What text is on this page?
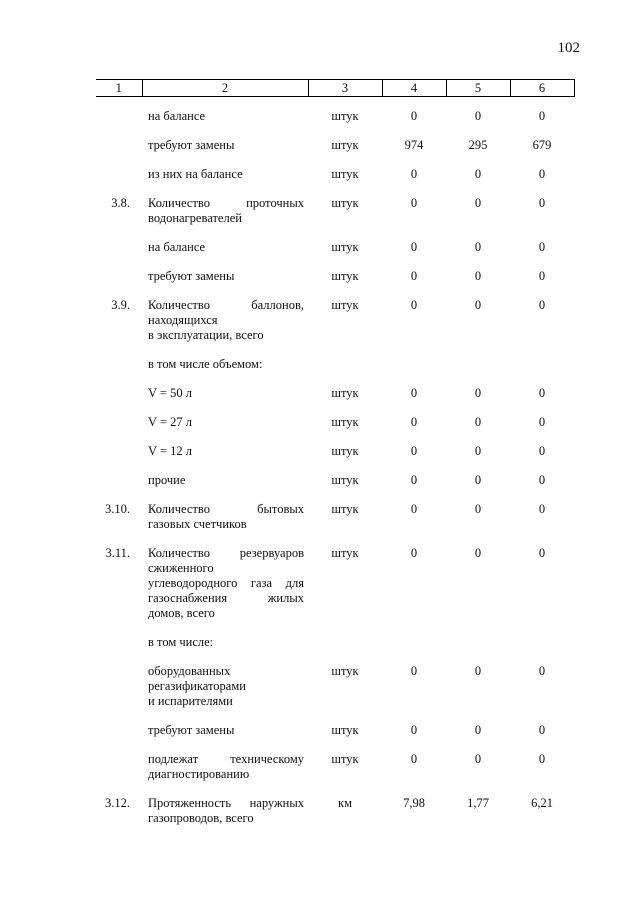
102
1	2	3	4	5	6

	на балансе	штук	0	0	0

	требуют замены	штук	974	295	679

	из них на балансе	штук	0	0	0
3.8.	Количество проточных
водонагревателей	штук	0	0	0

	на балансе	штук	0	0	0

	требуют замены	штук	0	0	0
3.9.	Количество баллонов,
находящихся
в эксплуатации, всего	штук	0	0	0

	в том числе объемом:				

	V = 50 л	штук	0	0	0

	V = 27 л	штук	0	0	0

	V = 12 л	штук	0	0	0

	прочие	штук	0	0	0
3.10.	Количество бытовых
газовых счетчиков	штук	0	0	0
3.11.	Количество резервуаров
сжиженного
углеводородного газа для
газоснабжения жилых
домов, всего	штук	0	0	0

	в том числе:				

	оборудованных
регазификаторами
и испарителями	штук	0	0	0

	требуют замены	штук	0	0	0

	подлежат техническому
диагностированию	штук	0	0	0
3.12.	Протяженность наружных
газопроводов, всего	км	7,98	1,77	6,21
